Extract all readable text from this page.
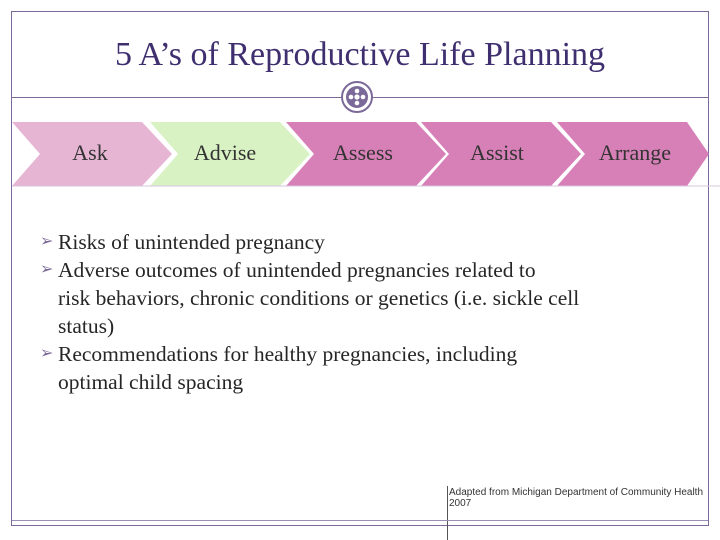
5 A’s of Reproductive Life Planning
Ask	Advise	Assess	Assist	Arrange
➢ Risks of unintended pregnancy
➢ Adverse outcomes of unintended pregnancies related to
risk behaviors, chronic conditions or genetics (i.e. sickle cell
status)
➢ Recommendations for healthy pregnancies, including
optimal child spacing
Adapted from Michigan Department of Community Health
2007
